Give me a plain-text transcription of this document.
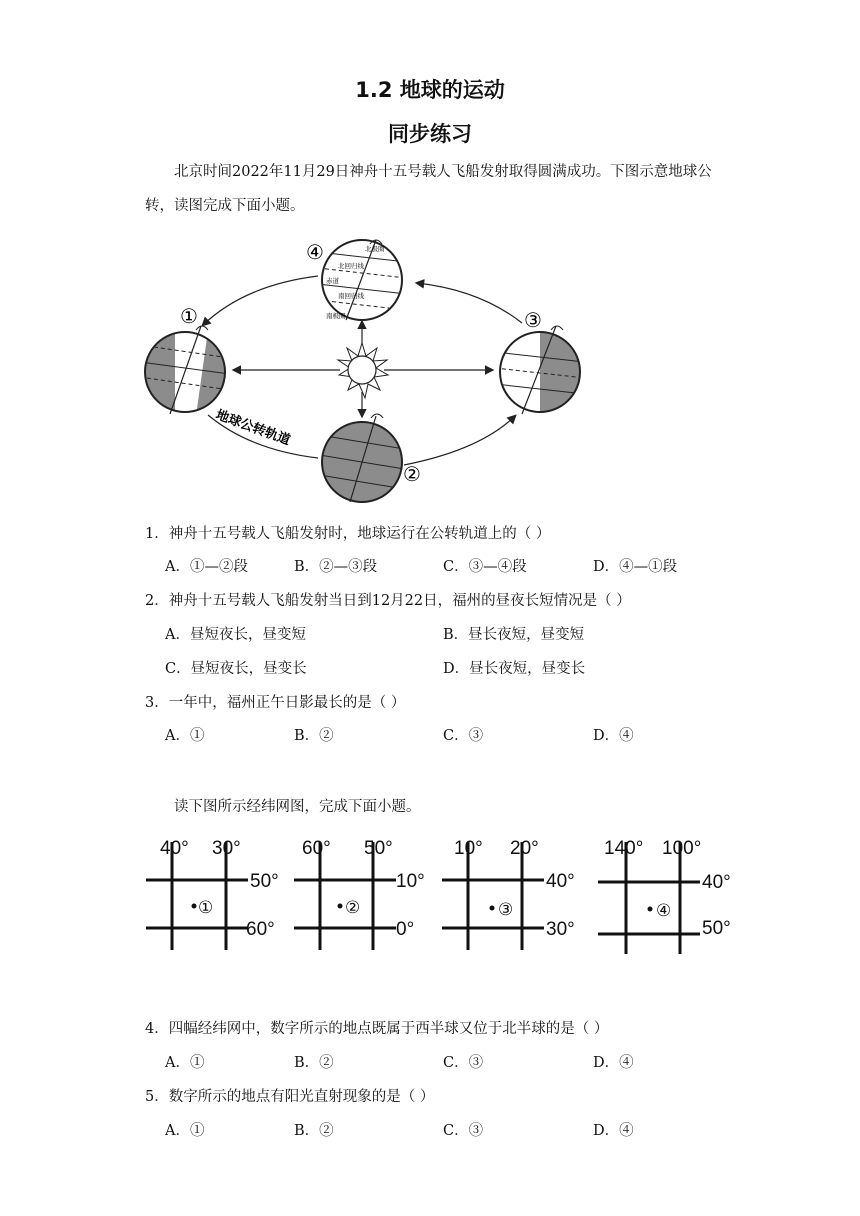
1.2 地球的运动
同步练习
北京时间2022年11月29日神舟十五号载人飞船发射取得圆满成功。下图示意地球公转，读图完成下面小题。
北极圈
北回归线
赤道
南回归线
南极圈
①
②
③
④
地球公转轨道
1．神舟十五号载人飞船发射时，地球运行在公转轨道上的（ ）
A．①—②段	B．②—③段	C．③—④段	D．④—①段
2．神舟十五号载人飞船发射当日到12月22日，福州的昼夜长短情况是（ ）
A．昼短夜长，昼变短	B．昼长夜短，昼变短
C．昼短夜长，昼变长	D．昼长夜短，昼变长
3．一年中，福州正午日影最长的是（ ）
A．①	B．②	C．③	D．④
读下图所示经纬网图，完成下面小题。
40° 30°
50°
60°
①
60° 50°
10°
0°
②
10° 20°
40°
30°
③
140° 100°
40°
50°
④
4．四幅经纬网中，数字所示的地点既属于西半球又位于北半球的是（ ）
A．①	B．②	C．③	D．④
5．数字所示的地点有阳光直射现象的是（ ）
A．①	B．②	C．③	D．④
